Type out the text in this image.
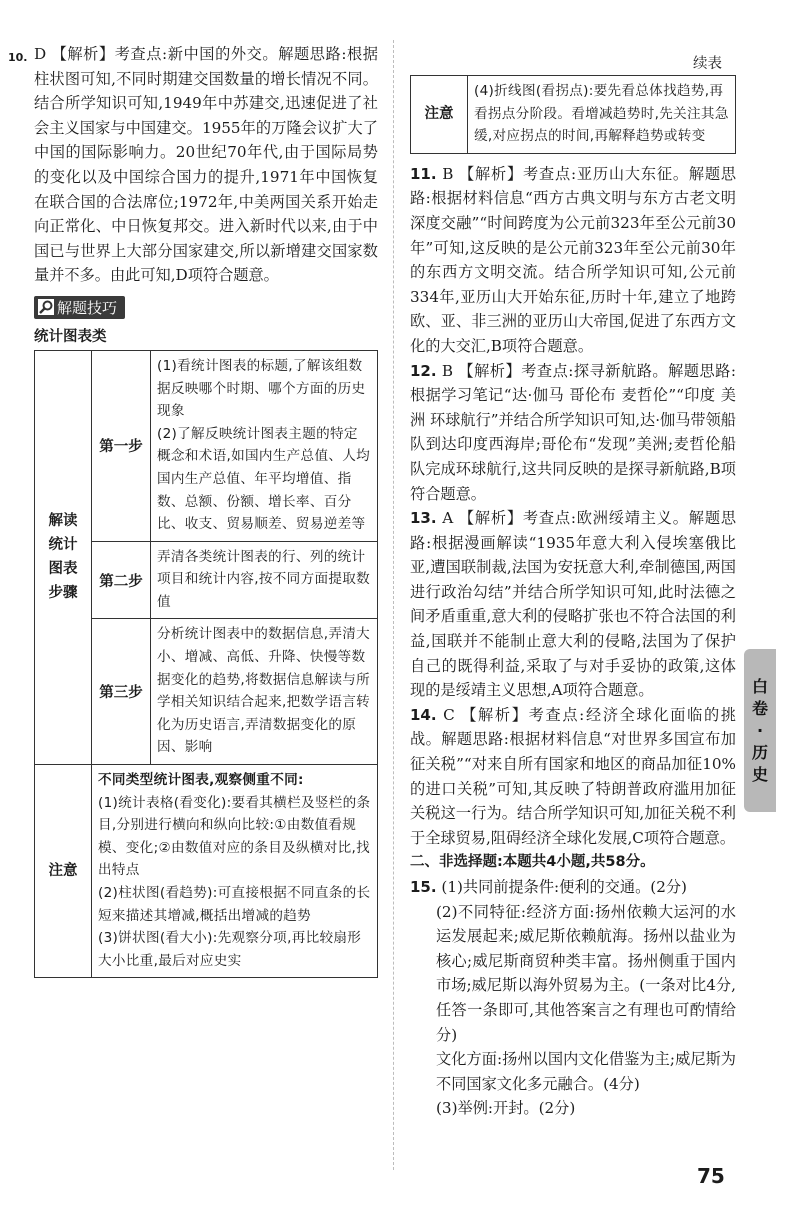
10. D 【解析】考查点:新中国的外交。解题思路:根据柱状图可知,不同时期建交国数量的增长情况不同。结合所学知识可知,1949年中苏建交,迅速促进了社会主义国家与中国建交。1955年的万隆会议扩大了中国的国际影响力。20世纪70年代,由于国际局势的变化以及中国综合国力的提升,1971年中国恢复在联合国的合法席位;1972年,中美两国关系开始走向正常化、中日恢复邦交。进入新时代以来,由于中国已与世界上大部分国家建交,所以新增建交国家数量并不多。由此可知,D项符合题意。

解题技巧
统计图表类
解读统计图表步骤	第一步	(1)看统计图表的标题,了解该组数据反映哪个时期、哪个方面的历史现象

(2)了解反映统计图表主题的特定概念和术语,如国内生产总值、人均国内生产总值、年平均增值、指数、总额、份额、增长率、百分比、收支、贸易顺差、贸易逆差等

	第二步	弄清各类统计图表的行、列的统计项目和统计内容,按不同方面提取数值

	第三步	分析统计图表中的数据信息,弄清大小、增减、高低、升降、快慢等数据变化的趋势,将数据信息解读与所学相关知识结合起来,把数学语言转化为历史语言,弄清数据变化的原因、影响

注意	不同类型统计图表,观察侧重不同:

(1)统计表格(看变化):要看其横栏及竖栏的条目,分别进行横向和纵向比较:①由数值看规模、变化;②由数值对应的条目及纵横对比,找出特点

(2)柱状图(看趋势):可直接根据不同直条的长短来描述其增减,概括出增减的趋势

(3)饼状图(看大小):先观察分项,再比较扇形大小比重,最后对应史实	

续表
注意	(4)折线图(看拐点):要先看总体找趋势,再看拐点分阶段。看增减趋势时,先关注其急缓,对应拐点的时间,再解释趋势或转变

11. B 【解析】考查点:亚历山大东征。解题思路:根据材料信息“西方古典文明与东方古老文明深度交融”“时间跨度为公元前323年至公元前30年”可知,这反映的是公元前323年至公元前30年的东西方文明交流。结合所学知识可知,公元前334年,亚历山大开始东征,历时十年,建立了地跨欧、亚、非三洲的亚历山大帝国,促进了东西方文化的大交汇,B项符合题意。

12. B 【解析】考查点:探寻新航路。解题思路:根据学习笔记“达·伽马 哥伦布 麦哲伦”“印度 美洲 环球航行”并结合所学知识可知,达·伽马带领船队到达印度西海岸;哥伦布“发现”美洲;麦哲伦船队完成环球航行,这共同反映的是探寻新航路,B项符合题意。

13. A 【解析】考查点:欧洲绥靖主义。解题思路:根据漫画解读“1935年意大利入侵埃塞俄比亚,遭国联制裁,法国为安抚意大利,牵制德国,两国进行政治勾结”并结合所学知识可知,此时法德之间矛盾重重,意大利的侵略扩张也不符合法国的利益,国联并不能制止意大利的侵略,法国为了保护自己的既得利益,采取了与对手妥协的政策,这体现的是绥靖主义思想,A项符合题意。

14. C 【解析】考查点:经济全球化面临的挑战。解题思路:根据材料信息“对世界多国宣布加征关税”“对来自所有国家和地区的商品加征10%的进口关税”可知,其反映了特朗普政府滥用加征关税这一行为。结合所学知识可知,加征关税不利于全球贸易,阻碍经济全球化发展,C项符合题意。

二、非选择题:本题共4小题,共58分。

15. (1)共同前提条件:便利的交通。(2分)

(2)不同特征:经济方面:扬州依赖大运河的水运发展起来;威尼斯依赖航海。扬州以盐业为核心;威尼斯商贸种类丰富。扬州侧重于国内市场;威尼斯以海外贸易为主。(一条对比4分,任答一条即可,其他答案言之有理也可酌情给分)

文化方面:扬州以国内文化借鉴为主;威尼斯为不同国家文化多元融合。(4分)

(3)举例:开封。(2分)

白
卷
·
历
史
75
